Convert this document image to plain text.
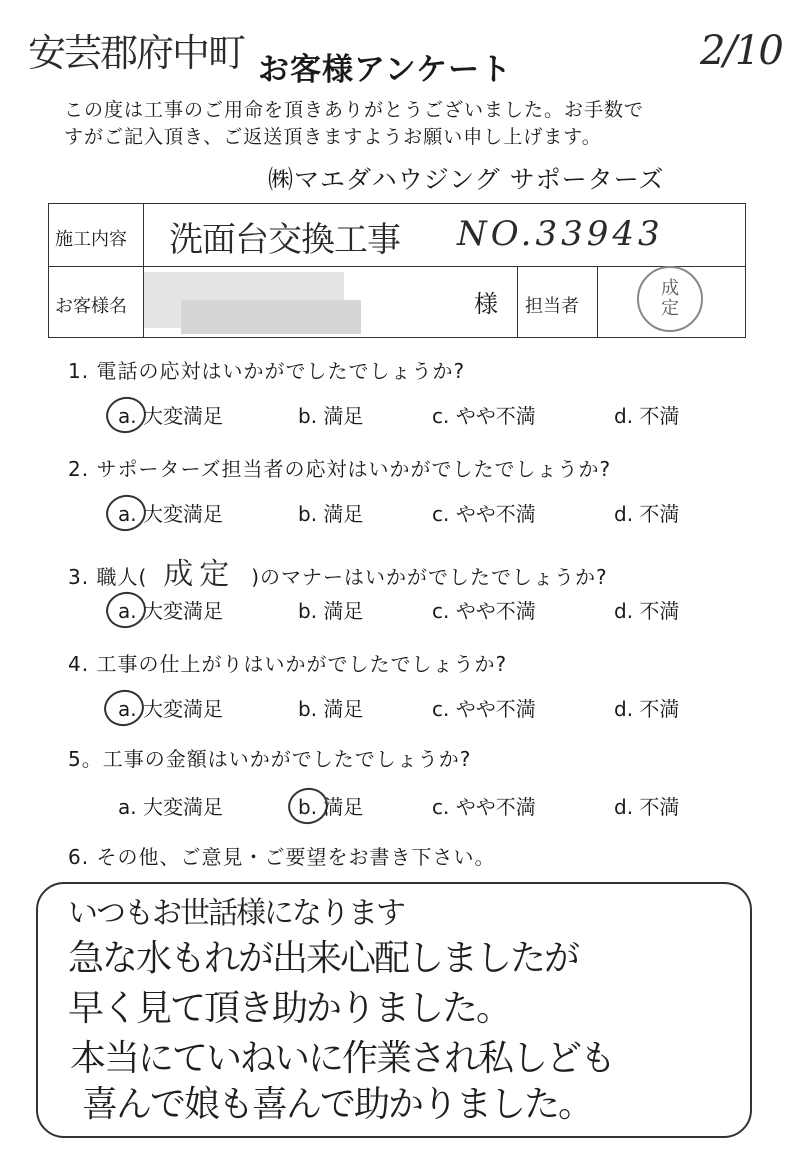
安芸郡府中町	2/10
お客様アンケート
この度は工事のご用命を頂きありがとうございました。お手数で
すがご記入頂き、ご返送頂きますようお願い申し上げます。
㈱マエダハウジング サポーターズ
施工内容 洗面台交換工事 NO.33943
お客様名	様 担当者
成
定
1. 電話の応対はいかがでしたでしょうか?
a. 大変満足	b. 満足	c. やや不満	d. 不満
2. サポーターズ担当者の応対はいかがでしたでしょうか?
a. 大変満足	b. 満足	c. やや不満	d. 不満
3. 職人( 成定 )のマナーはいかがでしたでしょうか?
a. 大変満足	b. 満足	c. やや不満	d. 不満
4. 工事の仕上がりはいかがでしたでしょうか?
a. 大変満足	b. 満足	c. やや不満	d. 不満
5。工事の金額はいかがでしたでしょうか?
a. 大変満足	b. 満足	c. やや不満	d. 不満
6. その他、ご意見・ご要望をお書き下さい。
いつもお世話様になります
急な水もれが出来心配しましたが
早く見て頂き助かりました。
本当にていねいに作業され私しども
喜んで娘も喜んで助かりました。
